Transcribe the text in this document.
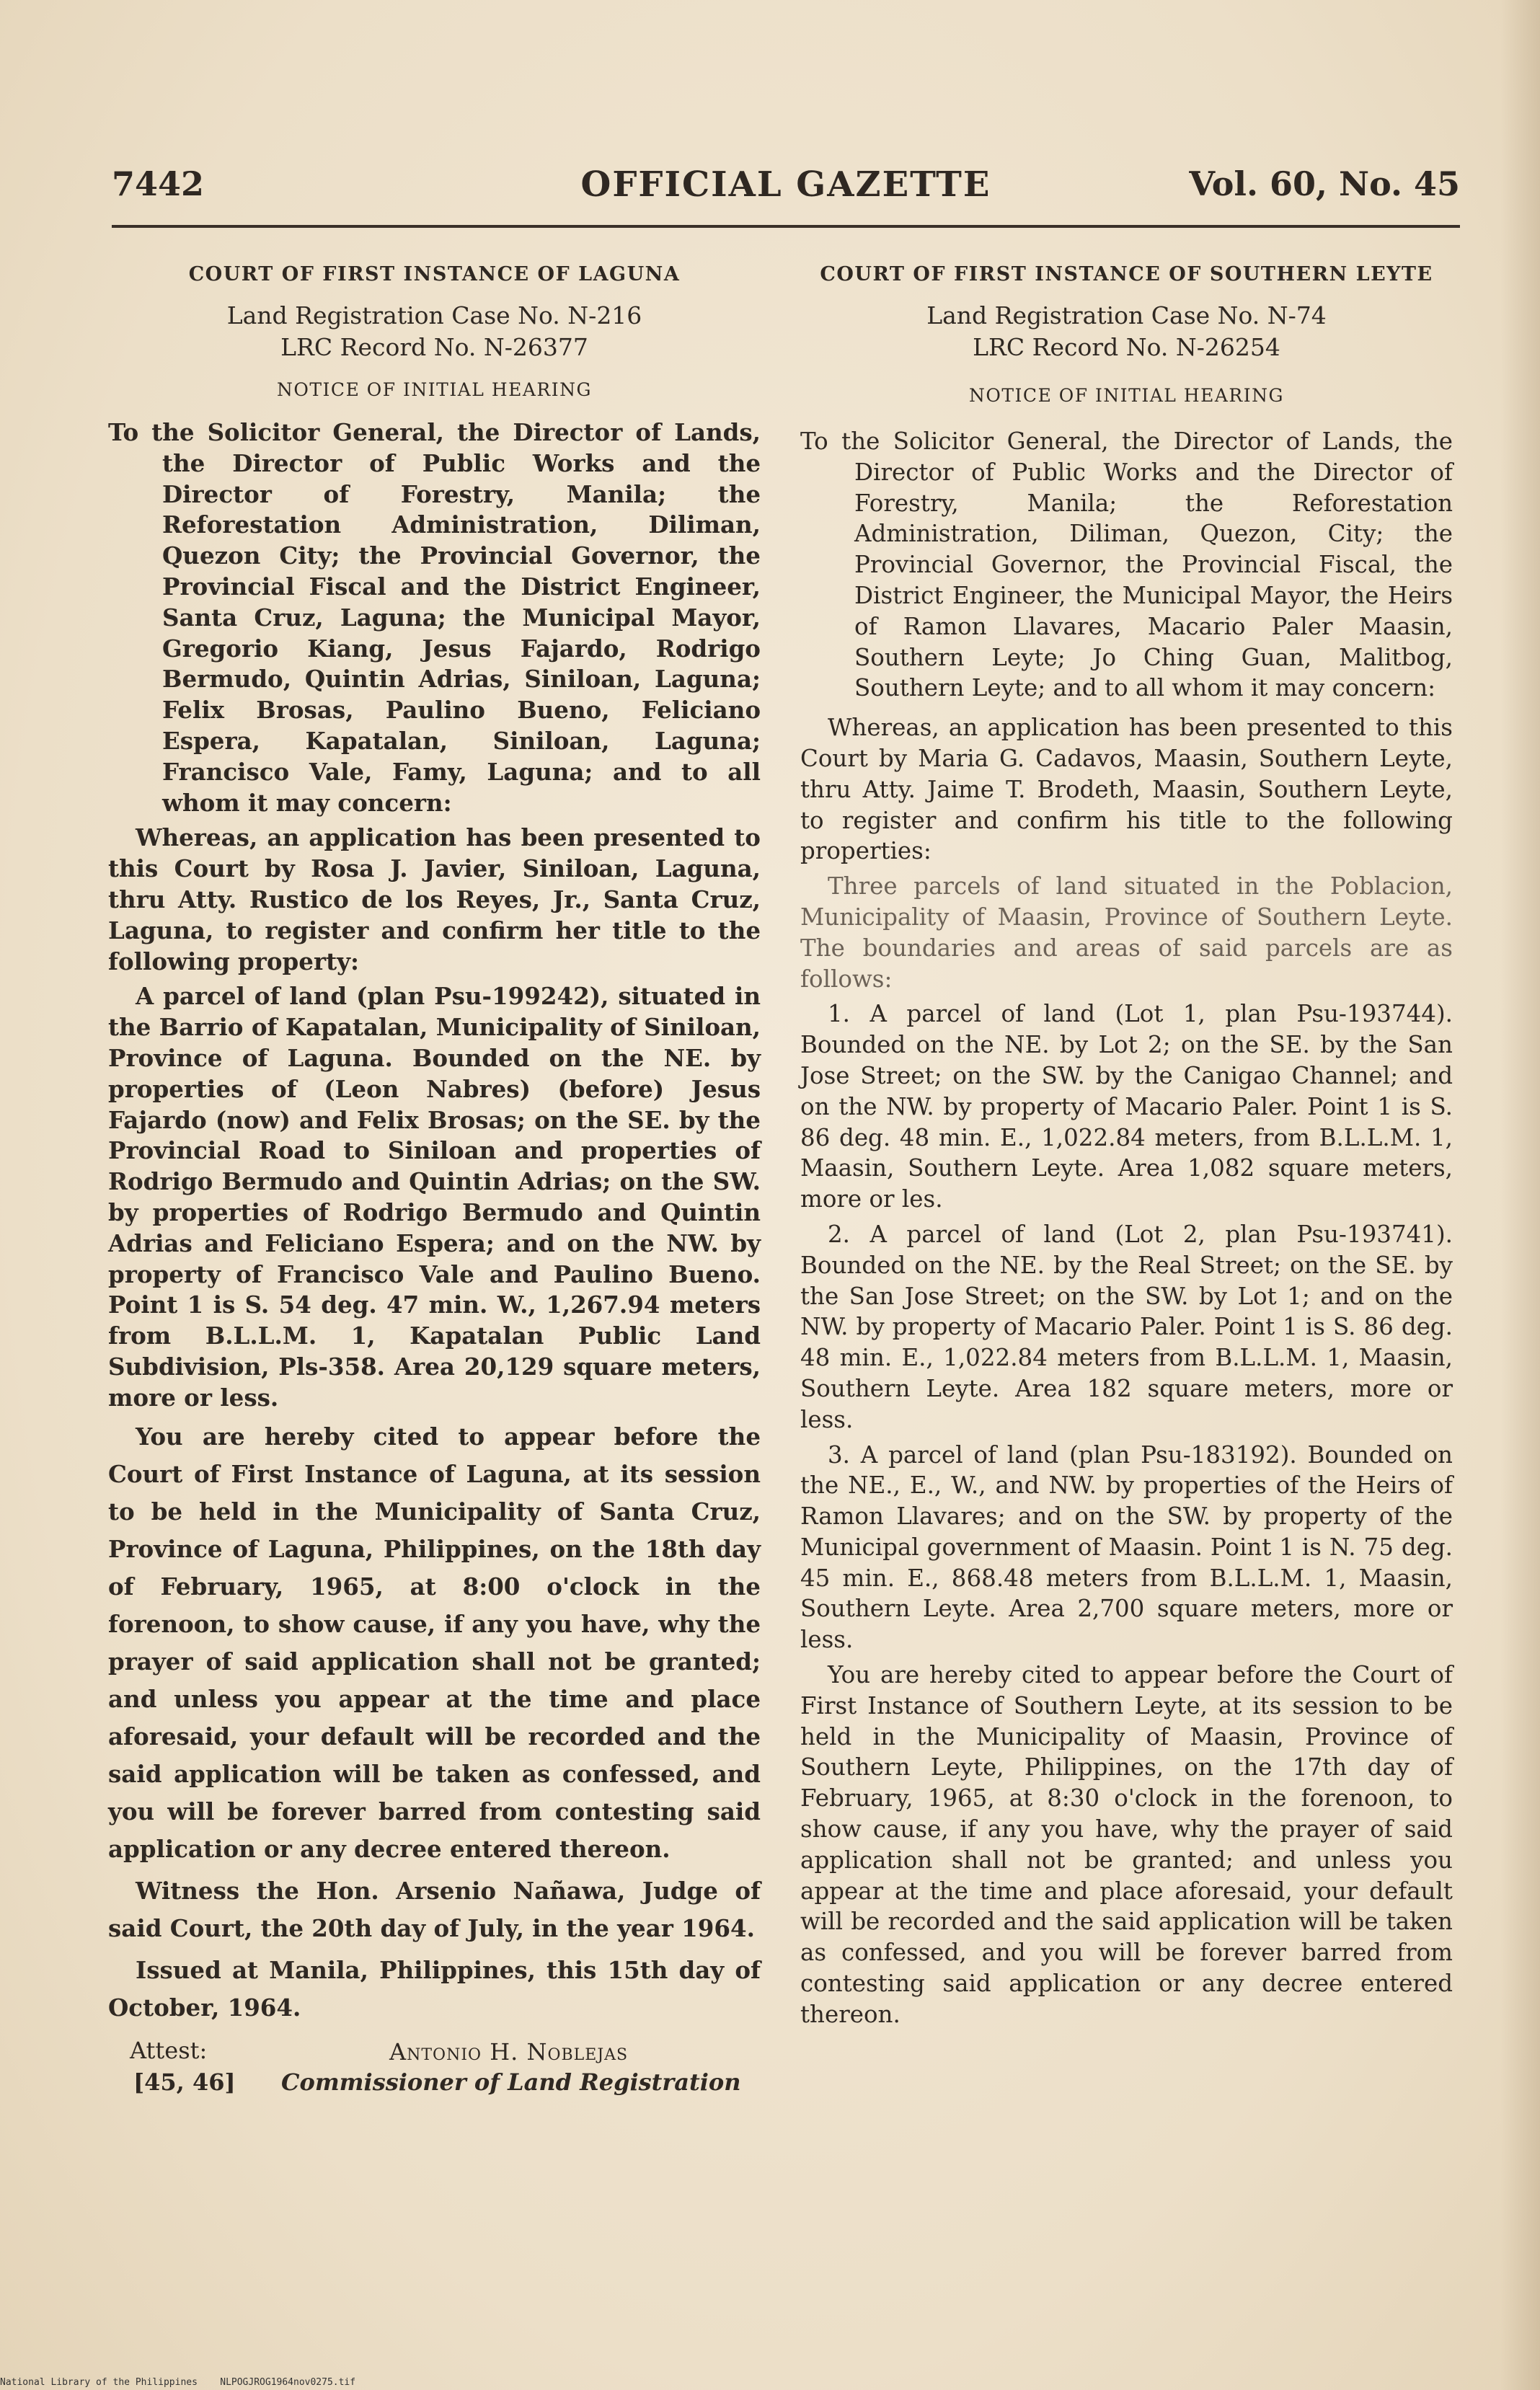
7442	OFFICIAL GAZETTE	Vol. 60, No. 45
COURT OF FIRST INSTANCE OF LAGUNA

Land Registration Case No. N-216

LRC Record No. N-26377

NOTICE OF INITIAL HEARING

To the Solicitor General, the Director of Lands, the Director of Public Works and the Director of Forestry, Manila; the Reforestation Administration, Diliman, Quezon City; the Provincial Governor, the Provincial Fiscal and the District Engineer, Santa Cruz, Laguna; the Municipal Mayor, Gregorio Kiang, Jesus Fajardo, Rodrigo Bermudo, Quintin Adrias, Siniloan, Laguna; Felix Brosas, Paulino Bueno, Feliciano Espera, Kapatalan, Siniloan, Laguna; Francisco Vale, Famy, Laguna; and to all whom it may concern:

Whereas, an application has been presented to this Court by Rosa J. Javier, Siniloan, Laguna, thru Atty. Rustico de los Reyes, Jr., Santa Cruz, Laguna, to register and confirm her title to the following property:

A parcel of land (plan Psu-199242), situated in the Barrio of Kapatalan, Municipality of Siniloan, Province of Laguna. Bounded on the NE. by properties of (Leon Nabres) (before) Jesus Fajardo (now) and Felix Brosas; on the SE. by the Provincial Road to Siniloan and properties of Rodrigo Bermudo and Quintin Adrias; on the SW. by properties of Rodrigo Bermudo and Quintin Adrias and Feliciano Espera; and on the NW. by property of Francisco Vale and Paulino Bueno. Point 1 is S. 54 deg. 47 min. W., 1,267.94 meters from B.L.L.M. 1, Kapatalan Public Land Subdivision, Pls-358. Area 20,129 square meters, more or less.

You are hereby cited to appear before the Court of First Instance of Laguna, at its session to be held in the Municipality of Santa Cruz, Province of Laguna, Philippines, on the 18th day of February, 1965, at 8:00 o'clock in the forenoon, to show cause, if any you have, why the prayer of said application shall not be granted; and unless you appear at the time and place aforesaid, your default will be recorded and the said application will be taken as confessed, and you will be forever barred from contesting said application or any decree entered thereon.

Witness the Hon. Arsenio Nañawa, Judge of said Court, the 20th day of July, in the year 1964.

Issued at Manila, Philippines, this 15th day of October, 1964.

Attest:	Antonio H. Noblejas
[45, 46] Commissioner of Land Registration
COURT OF FIRST INSTANCE OF SOUTHERN LEYTE

Land Registration Case No. N-74

LRC Record No. N-26254

NOTICE OF INITIAL HEARING

To the Solicitor General, the Director of Lands, the Director of Public Works and the Director of Forestry, Manila; the Reforestation Administration, Diliman, Quezon, City; the Provincial Governor, the Provincial Fiscal, the District Engineer, the Municipal Mayor, the Heirs of Ramon Llavares, Macario Paler Maasin, Southern Leyte; Jo Ching Guan, Malitbog, Southern Leyte; and to all whom it may concern:

Whereas, an application has been presented to this Court by Maria G. Cadavos, Maasin, Southern Leyte, thru Atty. Jaime T. Brodeth, Maasin, Southern Leyte, to register and confirm his title to the following properties:

Three parcels of land situated in the Poblacion, Municipality of Maasin, Province of Southern Leyte. The boundaries and areas of said parcels are as follows:

1. A parcel of land (Lot 1, plan Psu-193744). Bounded on the NE. by Lot 2; on the SE. by the San Jose Street; on the SW. by the Canigao Channel; and on the NW. by property of Macario Paler. Point 1 is S. 86 deg. 48 min. E., 1,022.84 meters, from B.L.L.M. 1, Maasin, Southern Leyte. Area 1,082 square meters, more or les.

2. A parcel of land (Lot 2, plan Psu-193741). Bounded on the NE. by the Real Street; on the SE. by the San Jose Street; on the SW. by Lot 1; and on the NW. by property of Macario Paler. Point 1 is S. 86 deg. 48 min. E., 1,022.84 meters from B.L.L.M. 1, Maasin, Southern Leyte. Area 182 square meters, more or less.

3. A parcel of land (plan Psu-183192). Bounded on the NE., E., W., and NW. by properties of the Heirs of Ramon Llavares; and on the SW. by property of the Municipal government of Maasin. Point 1 is N. 75 deg. 45 min. E., 868.48 meters from B.L.L.M. 1, Maasin, Southern Leyte. Area 2,700 square meters, more or less.

You are hereby cited to appear before the Court of First Instance of Southern Leyte, at its session to be held in the Municipality of Maasin, Province of Southern Leyte, Philippines, on the 17th day of February, 1965, at 8:30 o'clock in the forenoon, to show cause, if any you have, why the prayer of said application shall not be granted; and unless you appear at the time and place aforesaid, your default will be recorded and the said application will be taken as confessed, and you will be forever barred from contesting said application or any decree entered thereon.

National Library of the Philippines NLPOGJROG1964nov0275.tif
